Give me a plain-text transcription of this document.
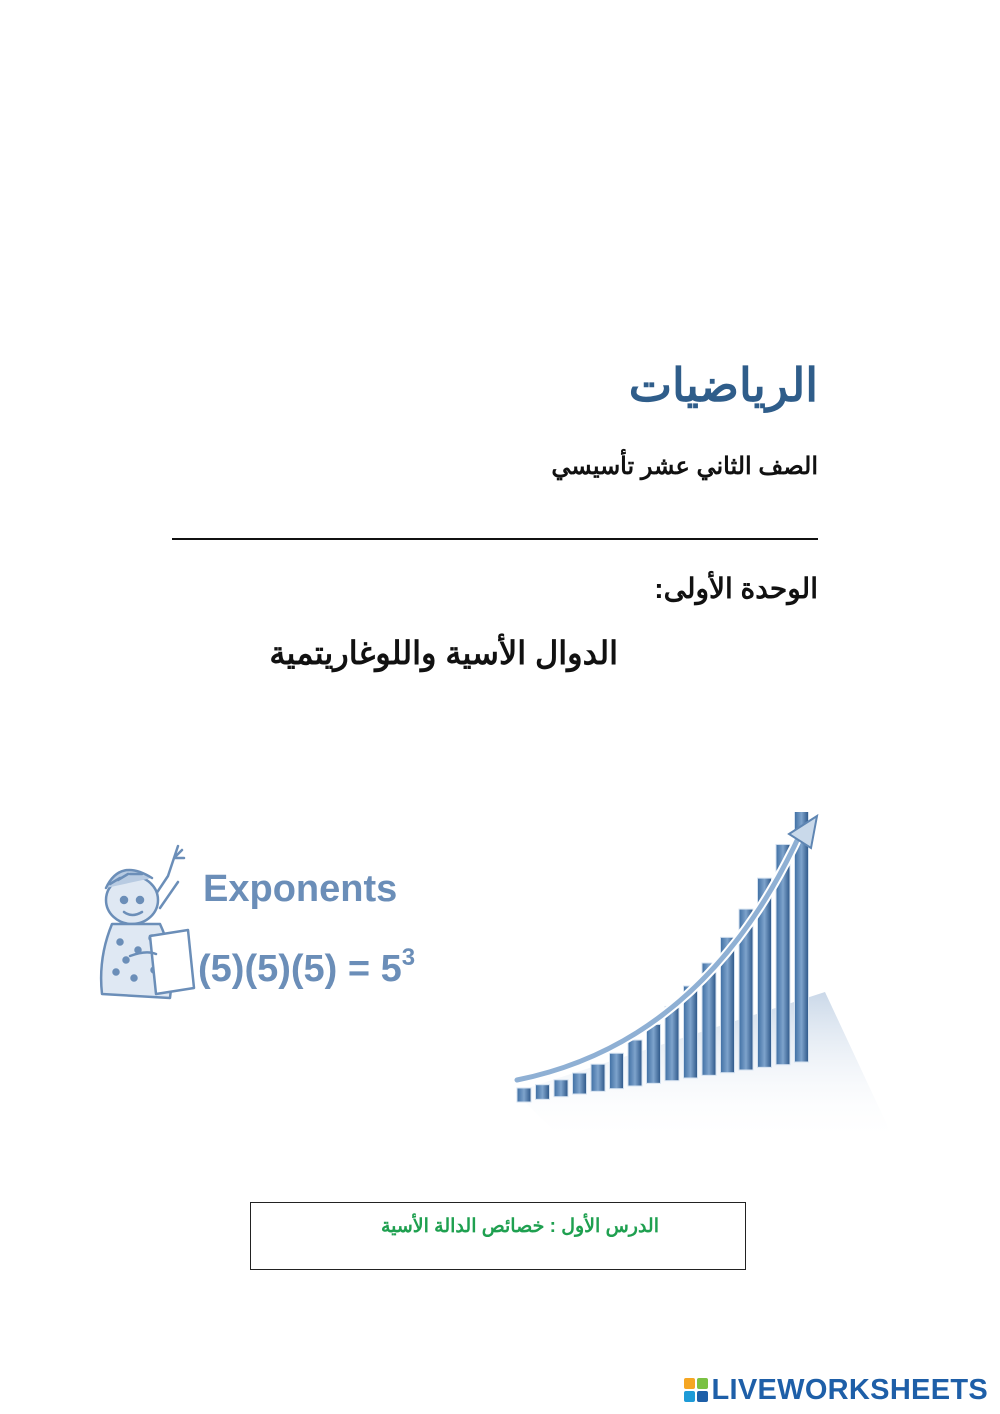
الرياضيات
الصف الثاني عشر تأسيسي
الوحدة الأولى:
الدوال الأسية واللوغاريتمية
Exponents
$(5)(5)(5) = 5^3$
الدرس الأول : خصائص الدالة الأسية
LIVEWORKSHEETS
